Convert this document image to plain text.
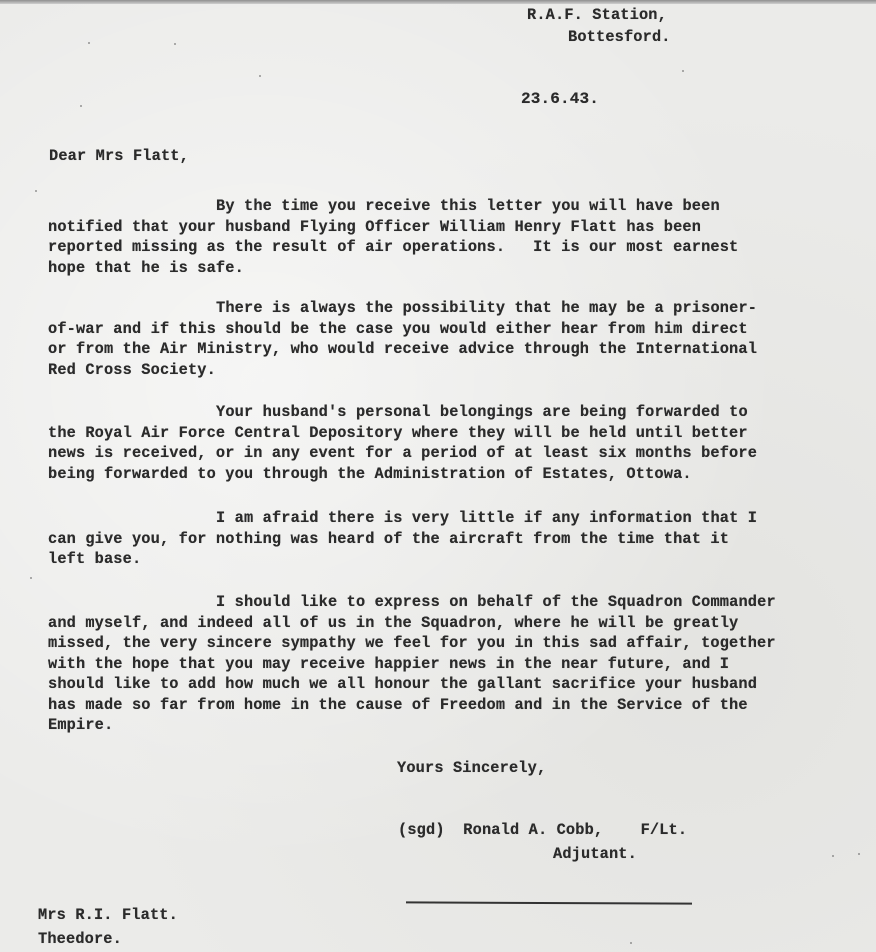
R.A.F. Station,
Bottesford.
23.6.43.
Dear Mrs Flatt,
By the time you receive this letter you will have been
notified that your husband Flying Officer William Henry Flatt has been
reported missing as the result of air operations.   It is our most earnest
hope that he is safe.
There is always the possibility that he may be a prisoner-
of-war and if this should be the case you would either hear from him direct
or from the Air Ministry, who would receive advice through the International
Red Cross Society.
Your husband's personal belongings are being forwarded to
the Royal Air Force Central Depository where they will be held until better
news is received, or in any event for a period of at least six months before
being forwarded to you through the Administration of Estates, Ottowa.
I am afraid there is very little if any information that I
can give you, for nothing was heard of the aircraft from the time that it
left base.
I should like to express on behalf of the Squadron Commander
and myself, and indeed all of us in the Squadron, where he will be greatly
missed, the very sincere sympathy we feel for you in this sad affair, together
with the hope that you may receive happier news in the near future, and I
should like to add how much we all honour the gallant sacrifice your husband
has made so far from home in the cause of Freedom and in the Service of the
Empire.
Yours Sincerely,
(sgd)  Ronald A. Cobb,    F/Lt.
Adjutant.
Mrs R.I. Flatt.
Theedore.
